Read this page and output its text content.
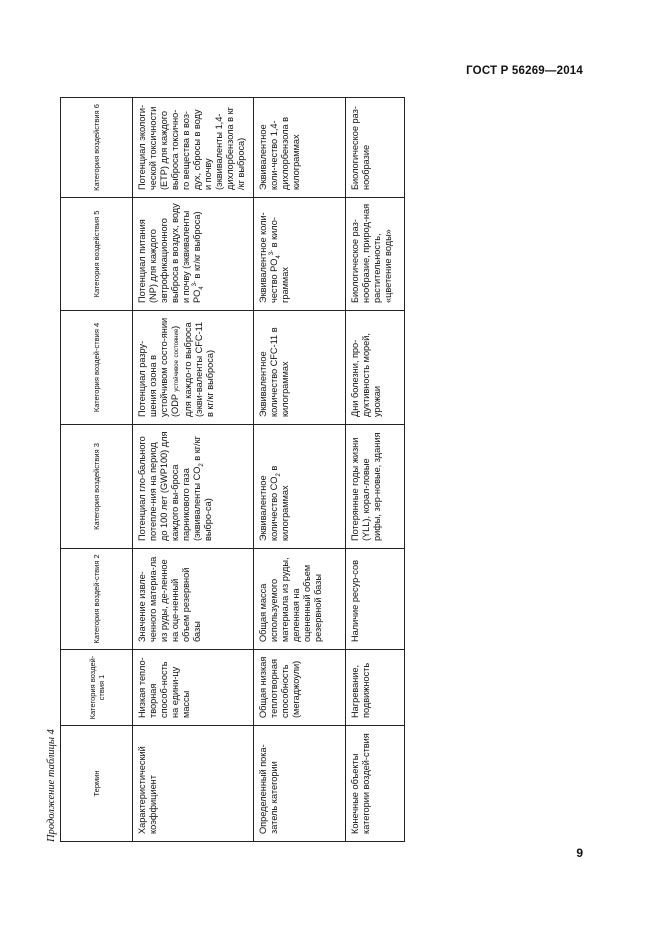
ГОСТ Р 56269—2014
Продолжение таблицы 4	Термин	Категория воздей-ствия 1	Категория воздей-ствия 2	Категория воздействия 3	Категория воздей-ствия 4	Категория воздействия 5	Категория воздействия 6
Характеристический коэффициент	Низкая тепло-творная способ-ность на едини-цу массы	Значение извле-ченного материа-ла из руды, де-ленное на оце-ненный объем резервной базы	Потенциал гло-бального потепле-ния на период до 100 лет (GWP100) для каждого вы-броса парникового газа (эквиваленты $CO_2$ в кг/кг выбро-са)	Потенциал разру-шения озона в устойчивом состо-янии (ODP устойчивое состояние) для каждо-го выброса (экви-валенты CFC-11 в кг/кг выброса)	Потенциал питания (NP) для каждого эвтрофикационного выброса в воздух, воду и почву (эквиваленты $PO_4^{3-}$ в кг/кг выброса)	Потенциал экологи-ческой токсичности (ETP) для каждого выброса токсично-го вещества в воз-дух, сбросы в воду и почву (эквиваленты 1,4-дихлорбензола в кг /кг выброса)
Определенный пока-затель категории	Общая низкая теплотворная способность (мегаджоули)	Общая масса используемого материала из руды, деленная на оцененный объем резервной базы	Эквивалентное количество $CO_2$ в килограммах	Эквивалентное количество CFC-11 в килограммах	Эквивалентное коли-чество $PO_4^{3-}$ в кило-граммах	Эквивалентное коли-чество 1,4-дихлорбензола в килограммах
Конечные объекты категории воздей-ствия	Нагревание, подвижность	Наличие ресур-сов	Потерянные годы жизни (YLL), корал-ловые рифы, зер-новые, здания	Дни болезни, про-дуктивность морей, урожаи	Биологическое раз-нообразие, природ-ная растительность, «цветение воды»	Биологическое раз-нообразие
9
